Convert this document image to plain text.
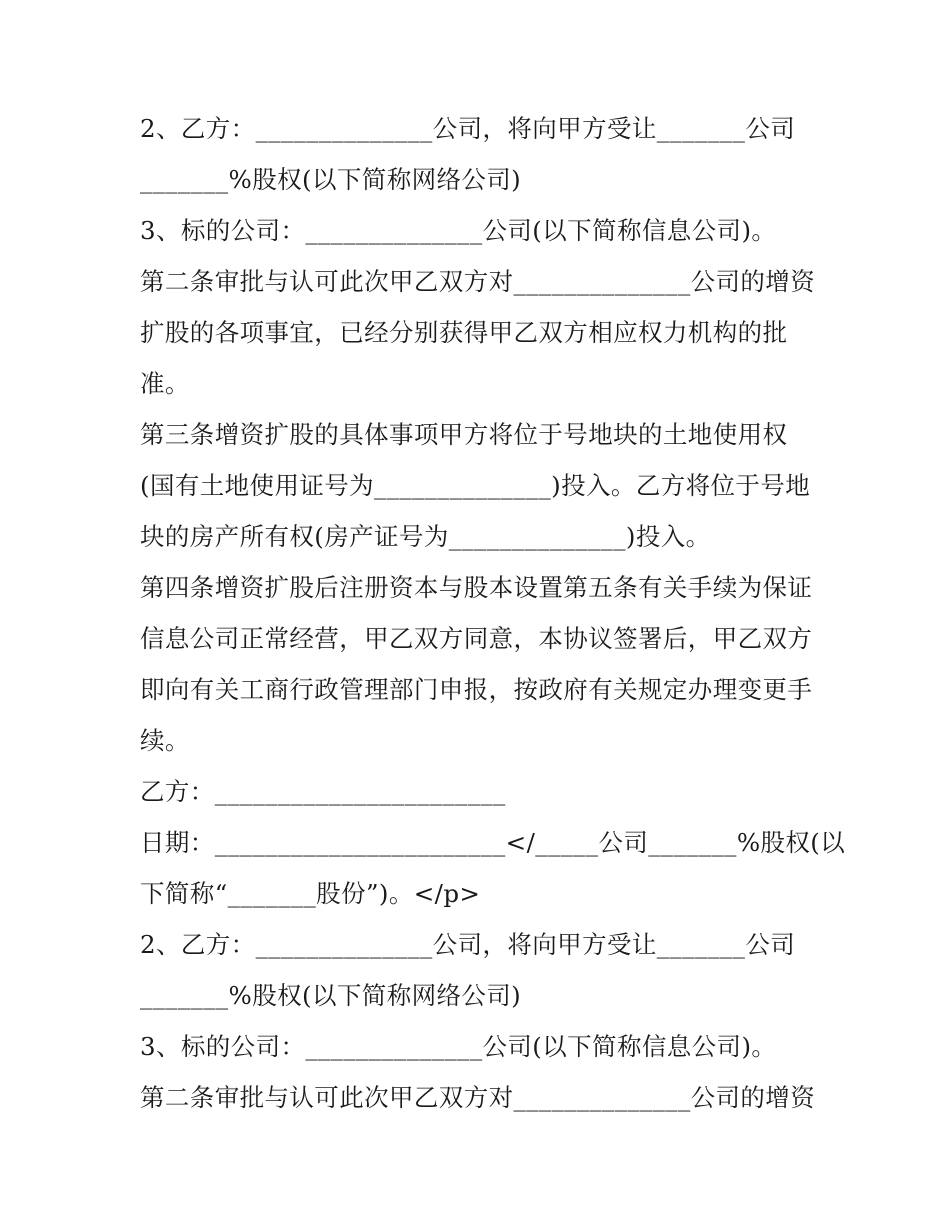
2、乙方：______________公司，将向甲方受让_______公司

_______%股权(以下简称网络公司)

3、标的公司：______________公司(以下简称信息公司)。

第二条审批与认可此次甲乙双方对______________公司的增资

扩股的各项事宜，已经分别获得甲乙双方相应权力机构的批

准。

第三条增资扩股的具体事项甲方将位于号地块的土地使用权

(国有土地使用证号为______________)投入。乙方将位于号地

块的房产所有权(房产证号为______________)投入。

第四条增资扩股后注册资本与股本设置第五条有关手续为保证

信息公司正常经营，甲乙双方同意，本协议签署后，甲乙双方

即向有关工商行政管理部门申报，按政府有关规定办理变更手

续。

乙方：_______________________

日期：_______________________</_____公司_______%股权(以

下简称“_______股份”)。</p>

2、乙方：______________公司，将向甲方受让_______公司

_______%股权(以下简称网络公司)

3、标的公司：______________公司(以下简称信息公司)。

第二条审批与认可此次甲乙双方对______________公司的增资
